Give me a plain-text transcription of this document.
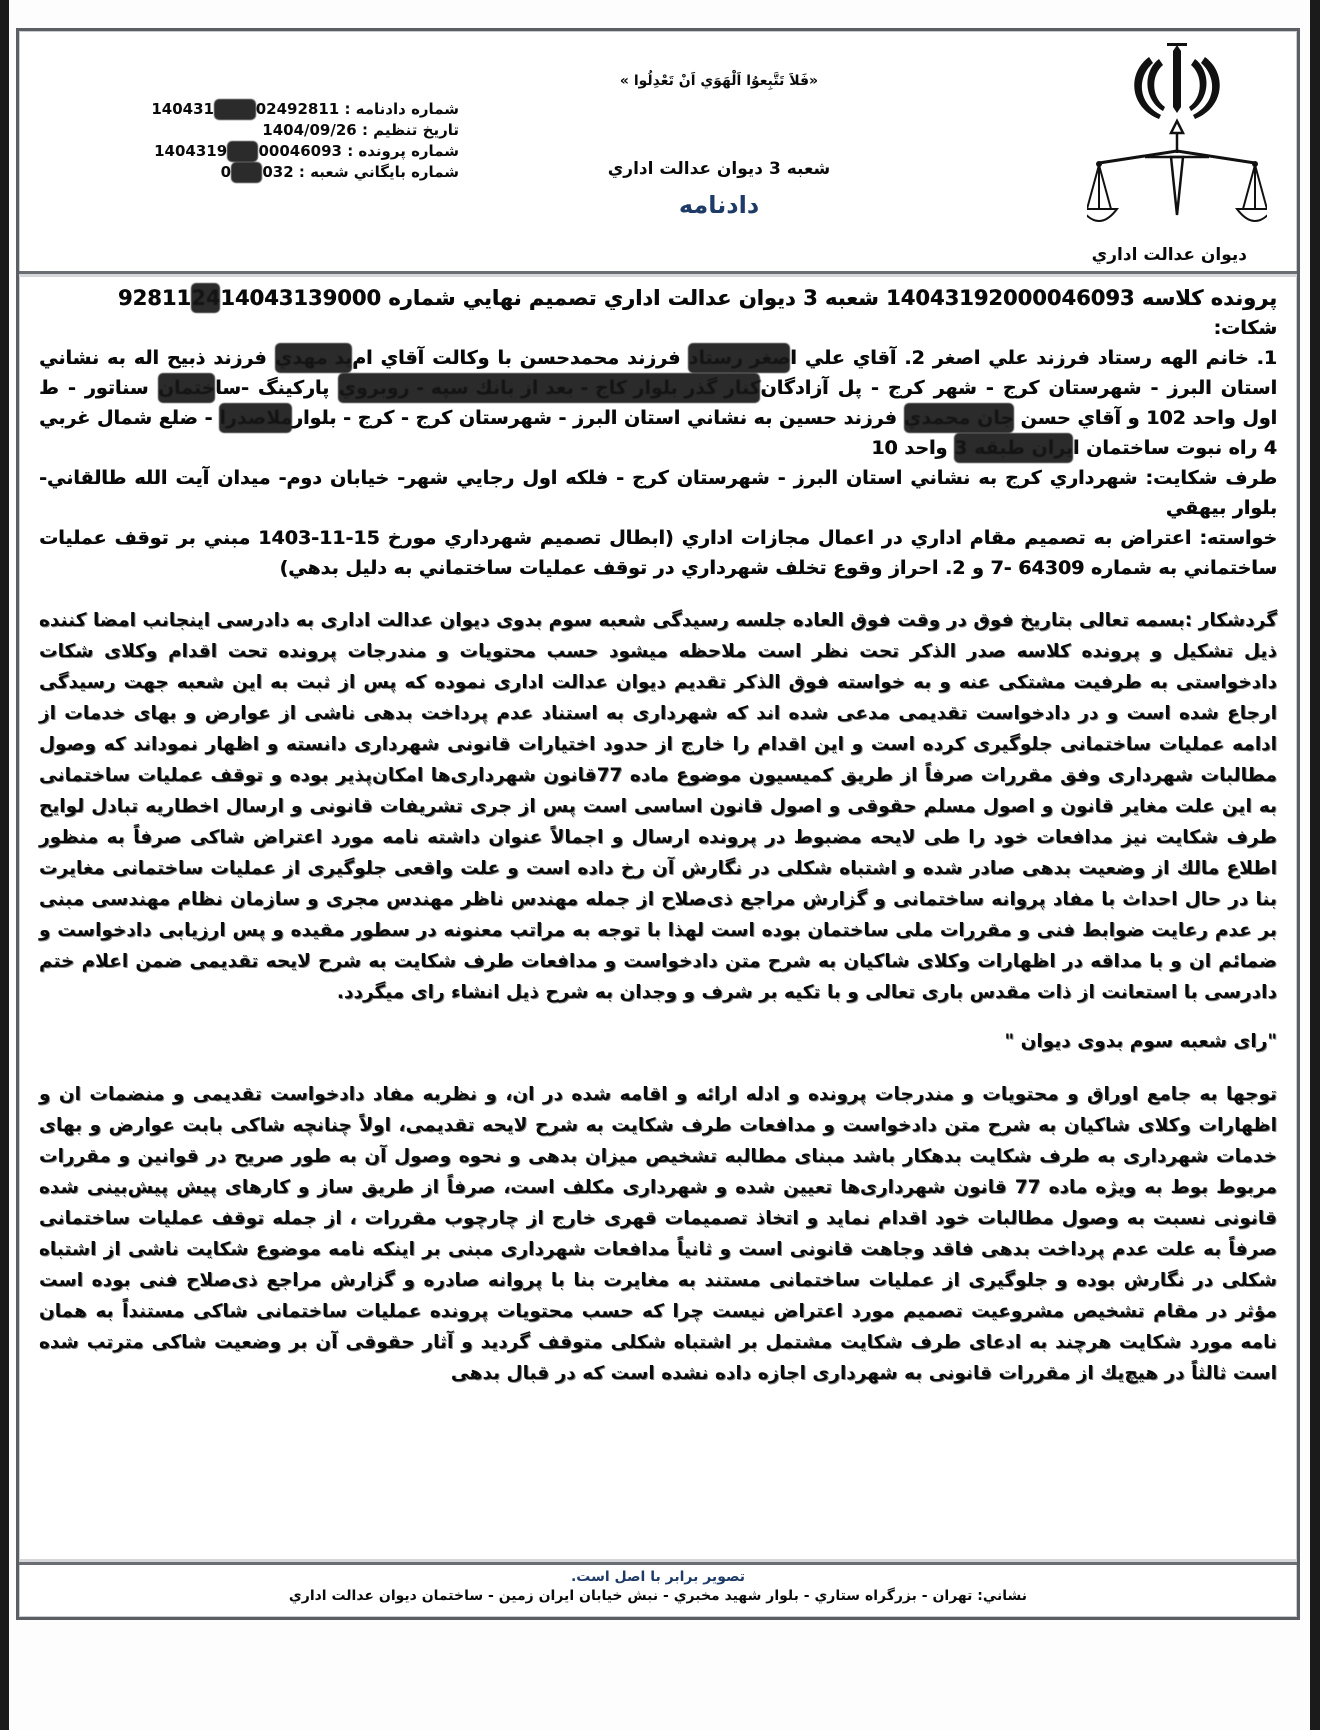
ديوان عدالت اداري
«فَلاَ تَتَّبِعوُا اَلْهَوَي اَنْ تَعْدِلُوا »
شعبه 3 ديوان عدالت اداري
دادنامه
شماره دادنامه : 140431	02492811
تاريخ تنظيم : 1404/09/26
شماره پرونده : 1404319 00046093
شماره بايگاني شعبه : 0 032

پرونده كلاسه 14043192000046093 شعبه 3 ديوان عدالت اداري تصميم نهايي شماره 140431390002492811

شكات:

1. خانم الهه رستاد فرزند علي اصغر 2. آقاي علي اصغر رستاد فرزند محمدحسن با وكالت آقاي اميد مهدي فرزند ذبيح اله به نشاني استان البرز - شهرستان كرج - شهر كرج - پل آزادگانكنار گذر بلوار كاج - بعد از بانك سپه - روبروي پاركينگ -ساختمان سناتور - ط اول واحد 102 و آقاي حسن جان محمدي فرزند حسين به نشاني استان البرز - شهرستان كرج - كرج - بلوارملاصدرا - ضلع شمال غربي 4 راه نبوت ساختمان ايران طبقه 3 واحد 10

طرف شكايت: شهرداري كرج به نشاني استان البرز - شهرستان كرج - فلكه اول رجايي شهر- خيابان دوم- ميدان آيت الله طالقاني- بلوار بيهقي

خواسته: اعتراض به تصميم مقام اداري در اعمال مجازات اداري (ابطال تصميم شهرداري مورخ 15-11-1403 مبني بر توقف عمليات ساختماني به شماره 64309 -7 و 2. احراز وقوع تخلف شهرداري در توقف عمليات ساختماني به دليل بدهي)

گردشكار :بسمه تعالی بتاریخ فوق در وقت فوق العاده جلسه رسیدگی شعبه سوم بدوی دیوان عدالت اداری به دادرسی اینجانب امضا كننده ذیل تشكیل و پرونده كلاسه صدر الذكر تحت نظر است ملاحظه میشود حسب محتویات و مندرجات پرونده تحت اقدام وكلای شكات دادخواستی به طرفیت مشتكی عنه و به خواسته فوق الذكر تقدیم دیوان عدالت اداری نموده كه پس از ثبت به این شعبه جهت رسیدگی ارجاع شده است و در دادخواست تقدیمی مدعی شده اند كه شهرداری به استناد عدم پرداخت بدهی ناشی از عوارض و بهای خدمات از ادامه عملیات ساختمانی جلوگیری كرده است و این اقدام را خارج از حدود اختیارات قانونی شهرداری دانسته و اظهار نموداند كه وصول مطالبات شهرداری وفق مقررات صرفاً از طریق كمیسیون موضوع ماده 77قانون شهرداری‌ها امكان‌پذیر بوده و توقف عملیات ساختمانی به این علت مغایر قانون و اصول مسلم حقوقی و اصول قانون اساسی است پس از جری تشریفات قانونی و ارسال اخطاریه تبادل لوایح طرف شكایت نیز مدافعات خود را طی لایحه مضبوط در پرونده ارسال و اجمالاً عنوان داشته نامه مورد اعتراض شاكی صرفاً به منظور اطلاع مالك از وضعیت بدهی صادر شده و اشتباه شكلی در نگارش آن رخ داده است و علت واقعی جلوگیری از عملیات ساختمانی مغایرت بنا در حال احداث با مفاد پروانه ساختمانی و گزارش مراجع ذی‌صلاح از جمله مهندس ناظر مهندس مجری و سازمان نظام مهندسی مبنی بر عدم رعایت ضوابط فنی و مقررات ملی ساختمان بوده است لهذا با توجه به مراتب معنونه در سطور مقیده و پس ارزیابی دادخواست و ضمائم ان و با مداقه در اظهارات وكلای شاكیان به شرح متن دادخواست و مدافعات طرف شكایت به شرح لایحه تقدیمی ضمن اعلام ختم دادرسی با استعانت از ذات مقدس باری تعالی و با تكیه بر شرف و وجدان به شرح ذیل انشاء رای میگردد.

"رای شعبه سوم بدوی دیوان "

توجها به جامع اوراق و محتویات و مندرجات پرونده و ادله ارائه و اقامه شده در ان، و نظربه مفاد دادخواست تقدیمی و منضمات ان و اظهارات وكلای شاكیان به شرح متن دادخواست و مدافعات طرف شكایت به شرح لایحه تقدیمی، اولاً چنانچه شاكی بابت عوارض و بهای خدمات شهرداری به طرف شكایت بدهكار باشد مبنای مطالبه تشخیص میزان بدهی و نحوه وصول آن به طور صریح در قوانین و مقررات مربوط بوط به ویژه ماده 77 قانون شهرداری‌ها تعیین شده و شهرداری مكلف است، صرفاً از طریق ساز و كارهای پیش پیش‌بینی شده قانونی نسبت به وصول مطالبات خود اقدام نماید و اتخاذ تصمیمات قهری خارج از چارچوب مقررات ، از جمله توقف عملیات ساختمانی صرفاً به علت عدم پرداخت بدهی فاقد وجاهت قانونی است و ثانیاً مدافعات شهرداری مبنی بر اینكه نامه موضوع شكایت ناشی از اشتباه شكلی در نگارش بوده و جلوگیری از عملیات ساختمانی مستند به مغایرت بنا با پروانه صادره و گزارش مراجع ذی‌صلاح فنی بوده است مؤثر در مقام تشخیص مشروعیت تصمیم مورد اعتراض نیست چرا كه حسب محتویات پرونده عملیات ساختمانی شاكی مستنداً به همان نامه مورد شكایت هرچند به ادعای طرف شكایت مشتمل بر اشتباه شكلی متوقف گردید و آثار حقوقی آن بر وضعیت شاكی مترتب شده است ثالثاً در هیچ‌یك از مقررات قانونی به شهرداری اجازه داده نشده است كه در قبال بدهی

تصوير برابر با اصل است.
نشاني: تهران - بزرگراه ستاري - بلوار شهيد مخبري - نبش خيابان ايران زمين - ساختمان ديوان عدالت اداري
